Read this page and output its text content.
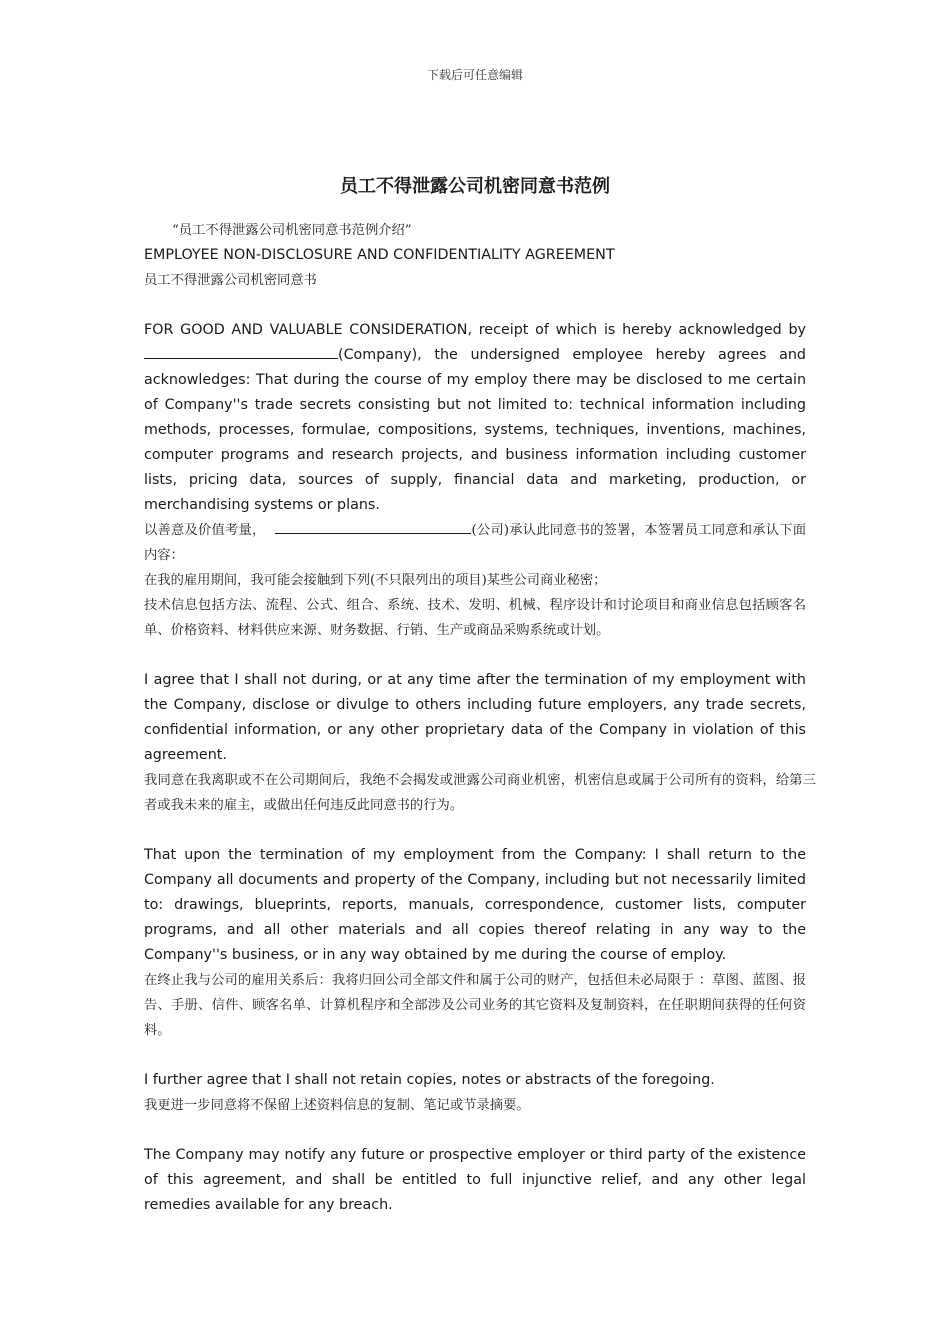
下载后可任意编辑
员工不得泄露公司机密同意书范例

“员工不得泄露公司机密同意书范例介绍”

EMPLOYEE NON-DISCLOSURE AND CONFIDENTIALITY AGREEMENT

员工不得泄露公司机密同意书

FOR GOOD AND VALUABLE CONSIDERATION, receipt of which is hereby acknowledged by (Company), the undersigned employee hereby agrees and acknowledges: That during the course of my employ there may be disclosed to me certain of Company''s trade secrets consisting but not limited to: technical information including methods, processes, formulae, compositions, systems, techniques, inventions, machines, computer programs and research projects, and business information including customer lists, pricing data, sources of supply, financial data and marketing, production, or merchandising systems or plans.

以善意及价值考量，	(公司)承认此同意书的签署，本签署员工同意和承认下面内容：

在我的雇用期间，我可能会接触到下列(不只限列出的项目)某些公司商业秘密；

技术信息包括方法、流程、公式、组合、系统、技术、发明、机械、程序设计和讨论项目和商业信息包括顾客名单、价格资料、材料供应来源、财务数据、行销、生产或商品采购系统或计划。

I agree that I shall not during, or at any time after the termination of my employment with the Company, disclose or divulge to others including future employers, any trade secrets, confidential information, or any other proprietary data of the Company in violation of this agreement.

我同意在我离职或不在公司期间后，我绝不会揭发或泄露公司商业机密，机密信息或属于公司所有的资料，给第三者或我未来的雇主，或做出任何违反此同意书的行为。

That upon the termination of my employment from the Company: I shall return to the Company all documents and property of the Company, including but not necessarily limited to: drawings, blueprints, reports, manuals, correspondence, customer lists, computer programs, and all other materials and all copies thereof relating in any way to the Company''s business, or in any way obtained by me during the course of employ.

在终止我与公司的雇用关系后：我将归回公司全部文件和属于公司的财产，包括但未必局限于 ：草图、蓝图、报告、手册、信件、顾客名单、计算机程序和全部涉及公司业务的其它资料及复制资料，在任职期间获得的任何资料。

I further agree that I shall not retain copies, notes or abstracts of the foregoing.

我更进一步同意将不保留上述资料信息的复制、笔记或节录摘要。

The Company may notify any future or prospective employer or third party of the existence of this agreement, and shall be entitled to full injunctive relief, and any other legal remedies available for any breach.
